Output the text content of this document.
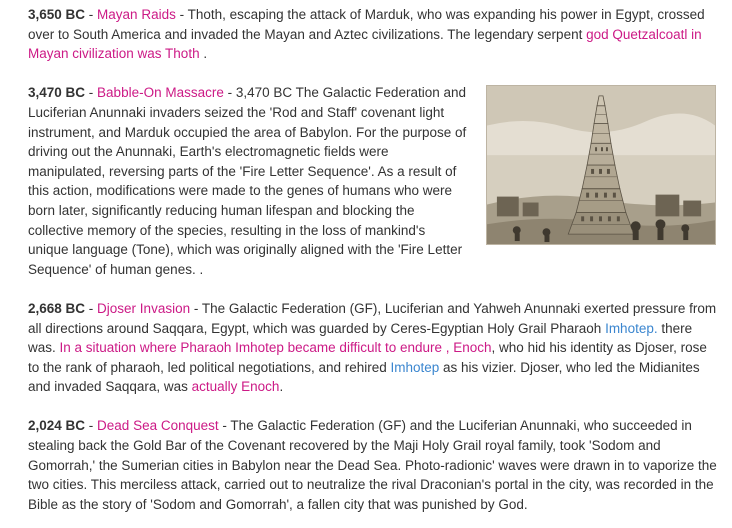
3,650 BC - Mayan Raids - Thoth, escaping the attack of Marduk, who was expanding his power in Egypt, crossed over to South America and invaded the Mayan and Aztec civilizations. The legendary serpent god Quetzalcoatl in Mayan civilization was Thoth .

3,470 BC - Babble-On Massacre - 3,470 BC The Galactic Federation and Luciferian Anunnaki invaders seized the 'Rod and Staff' covenant light instrument, and Marduk occupied the area of Babylon. For the purpose of driving out the Anunnaki, Earth's electromagnetic fields were manipulated, reversing parts of the 'Fire Letter Sequence'. As a result of this action, modifications were made to the genes of humans who were born later, significantly reducing human lifespan and blocking the collective memory of the species, resulting in the loss of mankind's unique language (Tone), which was originally aligned with the 'Fire Letter Sequence' of human genes. .

2,668 BC - Djoser Invasion - The Galactic Federation (GF), Luciferian and Yahweh Anunnaki exerted pressure from all directions around Saqqara, Egypt, which was guarded by Ceres-Egyptian Holy Grail Pharaoh Imhotep. there was. In a situation where Pharaoh Imhotep became difficult to endure , Enoch, who hid his identity as Djoser, rose to the rank of pharaoh, led political negotiations, and rehired Imhotep as his vizier. Djoser, who led the Midianites and invaded Saqqara, was actually Enoch.

2,024 BC - Dead Sea Conquest - The Galactic Federation (GF) and the Luciferian Anunnaki, who succeeded in stealing back the Gold Bar of the Covenant recovered by the Maji Holy Grail royal family, took 'Sodom and Gomorrah,' the Sumerian cities in Babylon near the Dead Sea. Photo-radionic' waves were drawn in to vaporize the two cities. This merciless attack, carried out to neutralize the rival Draconian's portal in the city, was recorded in the Bible as the story of 'Sodom and Gomorrah', a fallen city that was punished by God.
